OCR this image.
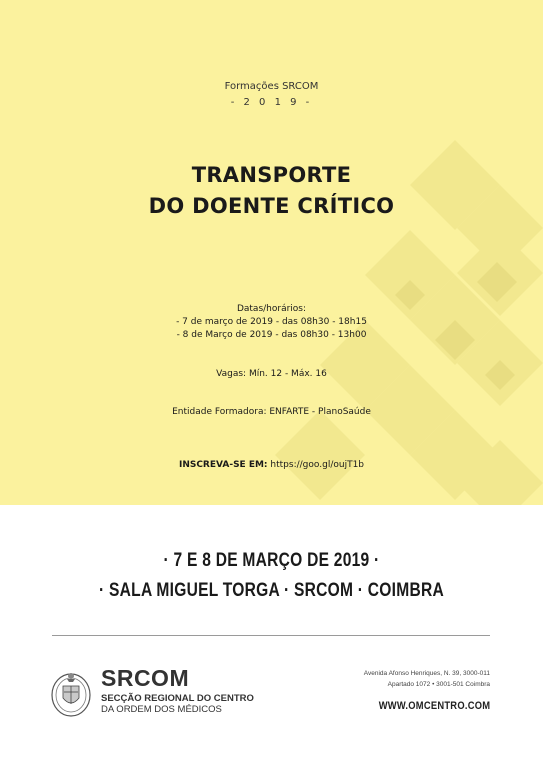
Formações SRCOM
- 2 0 1 9 -
TRANSPORTE
DO DOENTE CRÍTICO
Datas/horários:
- 7 de março de 2019 - das 08h30 - 18h15
- 8 de Março de 2019 - das 08h30 - 13h00
Vagas: Mín. 12 - Máx. 16
Entidade Formadora: ENFARTE - PlanoSaúde
INSCREVA-SE EM: https://goo.gl/oujT1b
· 7 E 8 DE MARÇO DE 2019 ·
· SALA MIGUEL TORGA · SRCOM · COIMBRA
SRCOM
SECÇÃO REGIONAL DO CENTRO
DA ORDEM DOS MÉDICOS
Avenida Afonso Henriques, N. 39, 3000-011
Apartado 1072 • 3001-501 Coimbra
WWW.OMCENTRO.COM
